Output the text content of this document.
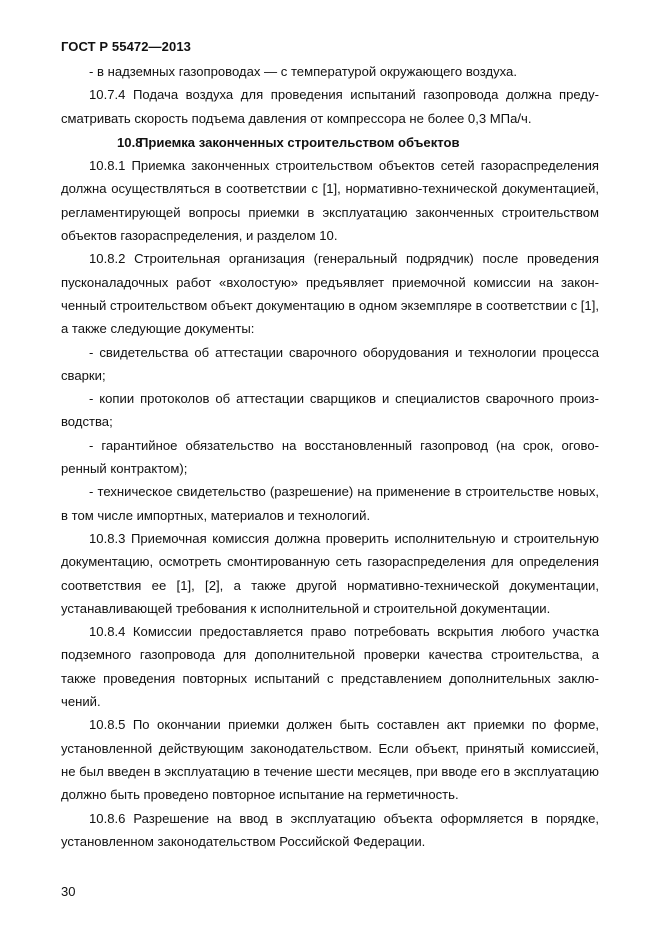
ГОСТ Р 55472—2013

- в надземных газопроводах — с температурой окружающего воздуха.

10.7.4 Подача воздуха для проведения испытаний газопровода должна предусматривать скорость подъема давления от компрессора не более 0,3 МПа/ч.

10.8Приемка законченных строительством объектов

10.8.1 Приемка законченных строительством объектов сетей газораспределения должна осуществляться в соответствии с [1], нормативно-технической документацией, регламентирующей вопросы приемки в эксплуатацию законченных строительством объектов газораспределения, и разделом 10.

10.8.2 Строительная организация (генеральный подрядчик) после проведения пусконаладочных работ «вхолостую» предъявляет приемочной комиссии на законченный строительством объект документацию в одном экземпляре в соответствии с [1], а также следующие документы:

- свидетельства об аттестации сварочного оборудования и технологии процесса сварки;

- копии протоколов об аттестации сварщиков и специалистов сварочного производства;

- гарантийное обязательство на восстановленный газопровод (на срок, оговоренный контрактом);

- техническое свидетельство (разрешение) на применение в строительстве новых, в том числе импортных, материалов и технологий.

10.8.3 Приемочная комиссия должна проверить исполнительную и строительную документацию, осмотреть смонтированную сеть газораспределения для определения соответствия ее [1], [2], а также другой нормативно-технической документации, устанавливающей требования к исполнительной и строительной документации.

10.8.4 Комиссии предоставляется право потребовать вскрытия любого участка подземного газопровода для дополнительной проверки качества строительства, а также проведения повторных испытаний с представлением дополнительных заключений.

10.8.5 По окончании приемки должен быть составлен акт приемки по форме, установленной действующим законодательством. Если объект, принятый комиссией, не был введен в эксплуатацию в течение шести месяцев, при вводе его в эксплуатацию должно быть проведено повторное испытание на герметичность.

10.8.6 Разрешение на ввод в эксплуатацию объекта оформляется в порядке, установленном законодательством Российской Федерации.

30
